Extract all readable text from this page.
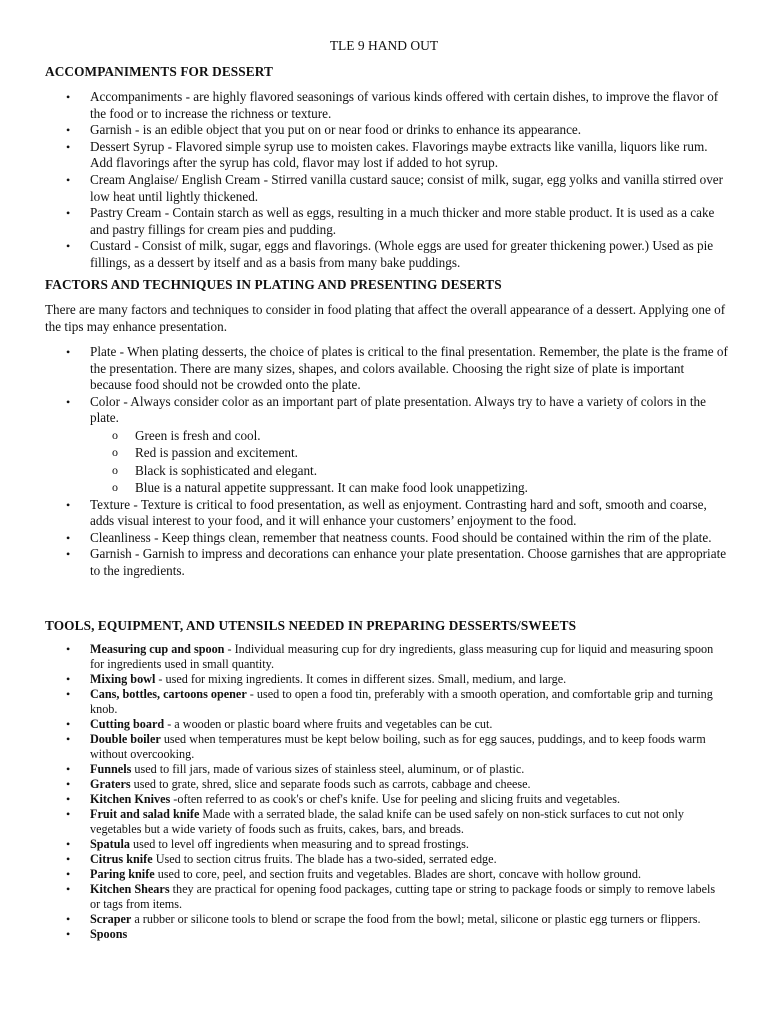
TLE 9 HAND OUT
ACCOMPANIMENTS FOR DESSERT
• Accompaniments - are highly flavored seasonings of various kinds offered with certain dishes, to improve the flavor of the food or to increase the richness or texture.
• Garnish - is an edible object that you put on or near food or drinks to enhance its appearance.
• Dessert Syrup - Flavored simple syrup use to moisten cakes. Flavorings maybe extracts like vanilla, liquors like rum. Add flavorings after the syrup has cold, flavor may lost if added to hot syrup.
• Cream Anglaise/ English Cream - Stirred vanilla custard sauce; consist of milk, sugar, egg yolks and vanilla stirred over low heat until lightly thickened.
• Pastry Cream - Contain starch as well as eggs, resulting in a much thicker and more stable product. It is used as a cake and pastry fillings for cream pies and pudding.
• Custard - Consist of milk, sugar, eggs and flavorings. (Whole eggs are used for greater thickening power.) Used as pie fillings, as a dessert by itself and as a basis from many bake puddings.
FACTORS AND TECHNIQUES IN PLATING AND PRESENTING DESERTS
There are many factors and techniques to consider in food plating that affect the overall appearance of a dessert. Applying one of the tips may enhance presentation.
• Plate - When plating desserts, the choice of plates is critical to the final presentation. Remember, the plate is the frame of the presentation. There are many sizes, shapes, and colors available. Choosing the right size of plate is important because food should not be crowded onto the plate.
• Color - Always consider color as an important part of plate presentation. Always try to have a variety of colors in the plate.
o Green is fresh and cool.
o Red is passion and excitement.
o Black is sophisticated and elegant.
o Blue is a natural appetite suppressant. It can make food look unappetizing.
• Texture - Texture is critical to food presentation, as well as enjoyment. Contrasting hard and soft, smooth and coarse, adds visual interest to your food, and it will enhance your customers’ enjoyment to the food.
• Cleanliness - Keep things clean, remember that neatness counts. Food should be contained within the rim of the plate.
• Garnish - Garnish to impress and decorations can enhance your plate presentation. Choose garnishes that are appropriate to the ingredients.
TOOLS, EQUIPMENT, AND UTENSILS NEEDED IN PREPARING DESSERTS/SWEETS
• Measuring cup and spoon - Individual measuring cup for dry ingredients, glass measuring cup for liquid and measuring spoon for ingredients used in small quantity.
• Mixing bowl - used for mixing ingredients. It comes in different sizes. Small, medium, and large.
• Cans, bottles, cartoons opener - used to open a food tin, preferably with a smooth operation, and comfortable grip and turning knob.
• Cutting board - a wooden or plastic board where fruits and vegetables can be cut.
• Double boiler used when temperatures must be kept below boiling, such as for egg sauces, puddings, and to keep foods warm without overcooking.
• Funnels used to fill jars, made of various sizes of stainless steel, aluminum, or of plastic.
• Graters used to grate, shred, slice and separate foods such as carrots, cabbage and cheese.
• Kitchen Knives -often referred to as cook's or chef's knife. Use for peeling and slicing fruits and vegetables.
• Fruit and salad knife Made with a serrated blade, the salad knife can be used safely on non-stick surfaces to cut not only vegetables but a wide variety of foods such as fruits, cakes, bars, and breads.
• Spatula used to level off ingredients when measuring and to spread frostings.
• Citrus knife Used to section citrus fruits. The blade has a two-sided, serrated edge.
• Paring knife used to core, peel, and section fruits and vegetables. Blades are short, concave with hollow ground.
• Kitchen Shears they are practical for opening food packages, cutting tape or string to package foods or simply to remove labels or tags from items.
• Scraper a rubber or silicone tools to blend or scrape the food from the bowl; metal, silicone or plastic egg turners or flippers.
• Spoons
